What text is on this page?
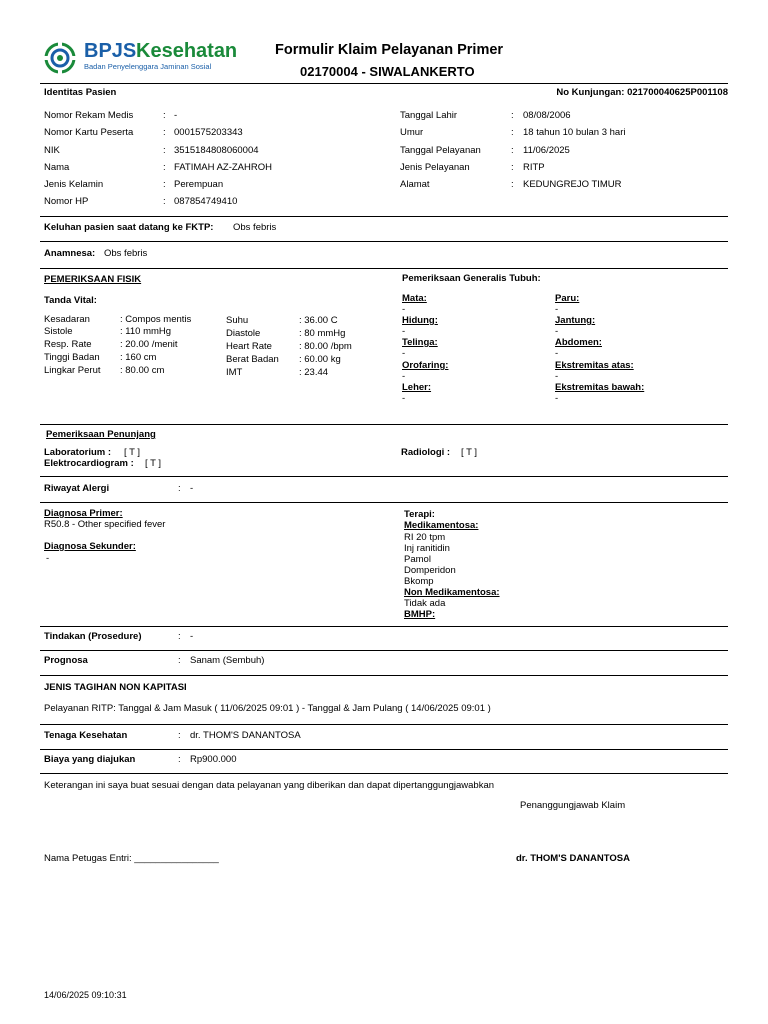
BPJS Kesehatan
Badan Penyelenggara Jaminan Sosial
Formulir Klaim Pelayanan Primer
02170004 - SIWALANKERTO
Identitas Pasien	No Kunjungan: 021700040625P001108
Nomor Rekam Medis	: -
Nomor Kartu Peserta	: 0001575203343
NIK	: 3515184808060004
Nama	: FATIMAH AZ-ZAHROH
Jenis Kelamin	: Perempuan
Nomor HP	: 087854749410
Tanggal Lahir	: 08/08/2006
Umur	: 18 tahun 10 bulan 3 hari
Tanggal Pelayanan	: 11/06/2025
Jenis Pelayanan	: RITP
Alamat	: KEDUNGREJO TIMUR
Keluhan pasien saat datang ke FKTP: Obs febris
Anamnesa: Obs febris
PEMERIKSAAN FISIK
Tanda Vital:
Kesadaran	: Compos mentis
Sistole	: 110 mmHg
Resp. Rate	: 20.00 /menit
Tinggi Badan : 160 cm
Lingkar Perut : 80.00 cm
Suhu	: 36.00 C
Diastole	: 80 mmHg
Heart Rate	: 80.00 /bpm
Berat Badan : 60.00 kg
IMT	: 23.44
Pemeriksaan Generalis Tubuh:
Mata:
-
Hidung:
-
Telinga:
-
Orofaring:
-
Leher:
-
Paru:
-
Jantung:
-
Abdomen:
-
Ekstremitas atas:
-
Ekstremitas bawah:
-
Pemeriksaan Penunjang
Laboratorium : [ T ]
Elektrocardiogram : [ T ]
Radiologi : [ T ]
Riwayat Alergi	: -
Diagnosa Primer:
R50.8 - Other specified fever
Diagnosa Sekunder:
-
Terapi:
Medikamentosa:
RI 20 tpm
Inj ranitidin
Pamol
Domperidon
Bkomp
Non Medikamentosa:
Tidak ada
BMHP:
Tindakan (Prosedure)	: -
Prognosa	: Sanam (Sembuh)
JENIS TAGIHAN NON KAPITASI
Pelayanan RITP: Tanggal & Jam Masuk ( 11/06/2025 09:01 ) - Tanggal & Jam Pulang ( 14/06/2025 09:01 )
Tenaga Kesehatan	: dr. THOM'S DANANTOSA
Biaya yang diajukan	: Rp900.000
Keterangan ini saya buat sesuai dengan data pelayanan yang diberikan dan dapat dipertanggungjawabkan
Penanggungjawab Klaim
Nama Petugas Entri: ________________	dr. THOM'S DANANTOSA
14/06/2025 09:10:31
